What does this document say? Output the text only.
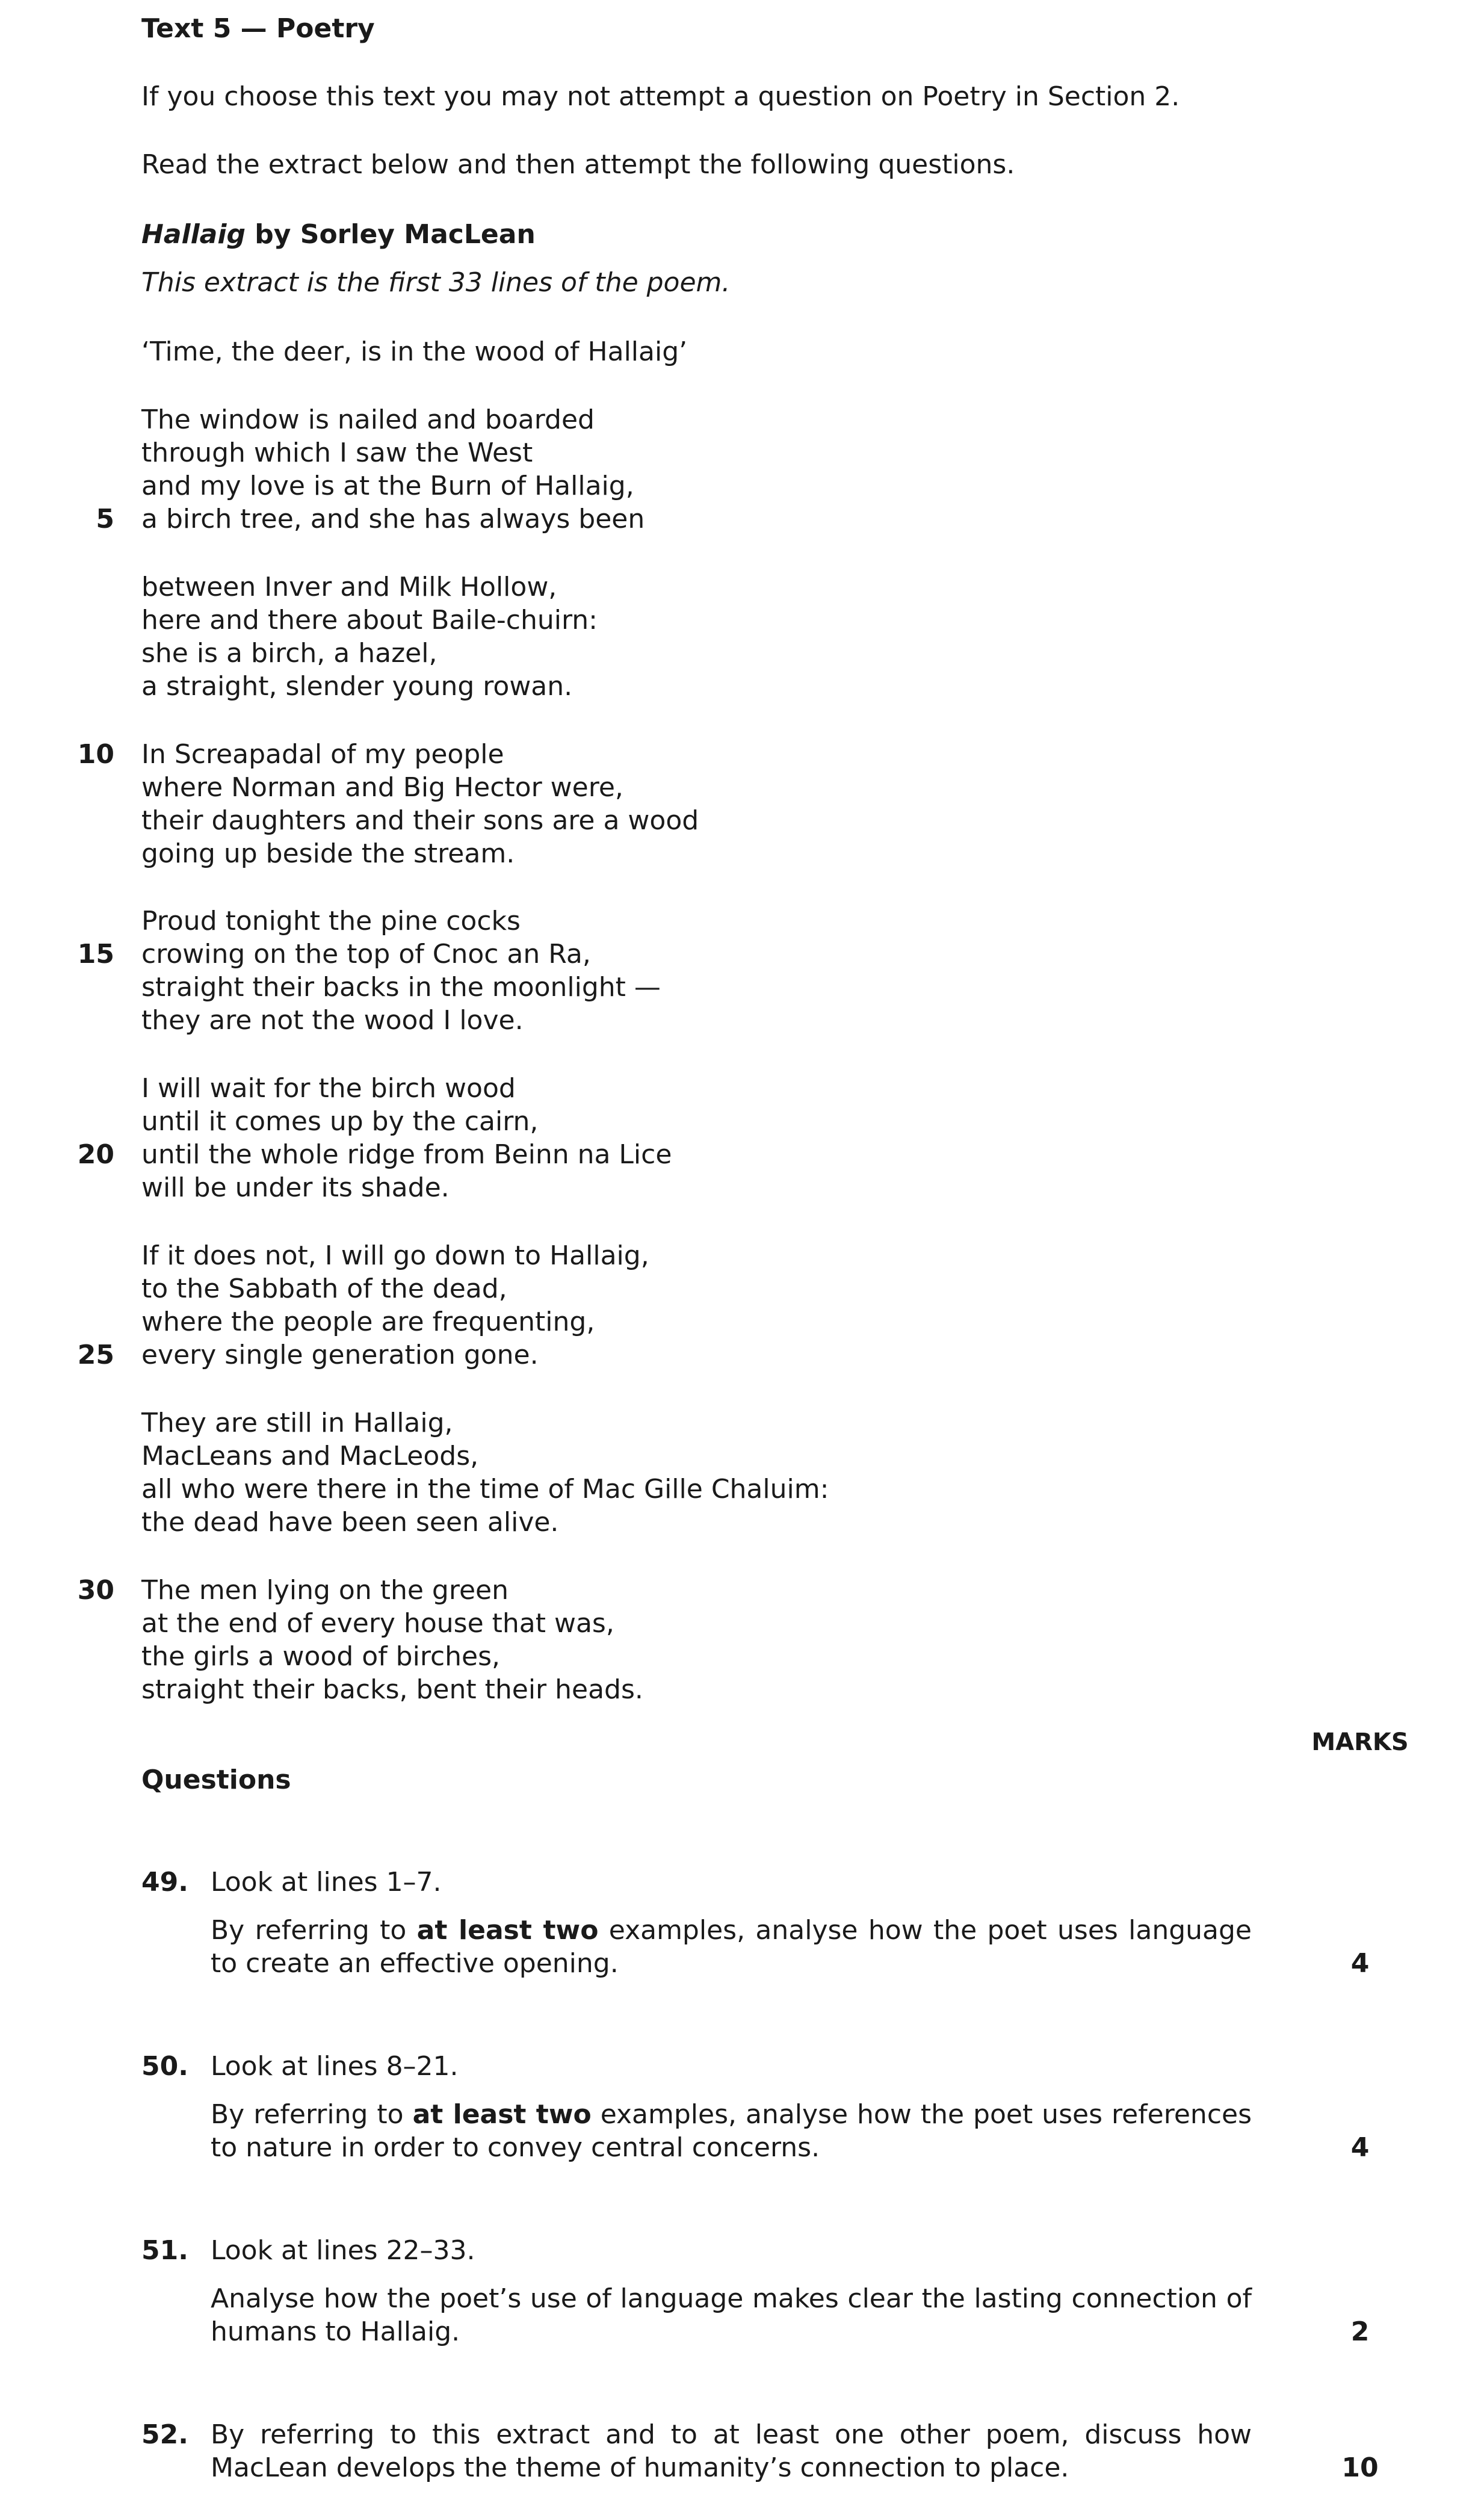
Text 5 — Poetry
If you choose this text you may not attempt a question on Poetry in Section 2.
Read the extract below and then attempt the following questions.
Hallaig by Sorley MacLean
This extract is the first 33 lines of the poem.
‘Time, the deer, is in the wood of Hallaig’
The window is nailed and boarded
through which I saw the West
and my love is at the Burn of Hallaig,
a birch tree, and she has always been
5
between Inver and Milk Hollow,
here and there about Baile-chuirn:
she is a birch, a hazel,
a straight, slender young rowan.
In Screapadal of my people
where Norman and Big Hector were,
their daughters and their sons are a wood
going up beside the stream.
10
Proud tonight the pine cocks
crowing on the top of Cnoc an Ra,
straight their backs in the moonlight —
they are not the wood I love.
15
I will wait for the birch wood
until it comes up by the cairn,
until the whole ridge from Beinn na Lice
will be under its shade.
20
If it does not, I will go down to Hallaig,
to the Sabbath of the dead,
where the people are frequenting,
every single generation gone.
25
They are still in Hallaig,
MacLeans and MacLeods,
all who were there in the time of Mac Gille Chaluim:
the dead have been seen alive.
The men lying on the green
at the end of every house that was,
the girls a wood of birches,
straight their backs, bent their heads.
30
MARKS
Questions
49. Look at lines 1–7.
By referring to at least two examples, analyse how the poet uses language to create an effective opening.	4
50. Look at lines 8–21.
By referring to at least two examples, analyse how the poet uses references to nature in order to convey central concerns.	4
51. Look at lines 22–33.
Analyse how the poet’s use of language makes clear the lasting connection of humans to Hallaig.	2
52. By referring to this extract and to at least one other poem, discuss how MacLean develops the theme of humanity’s connection to place.	10
